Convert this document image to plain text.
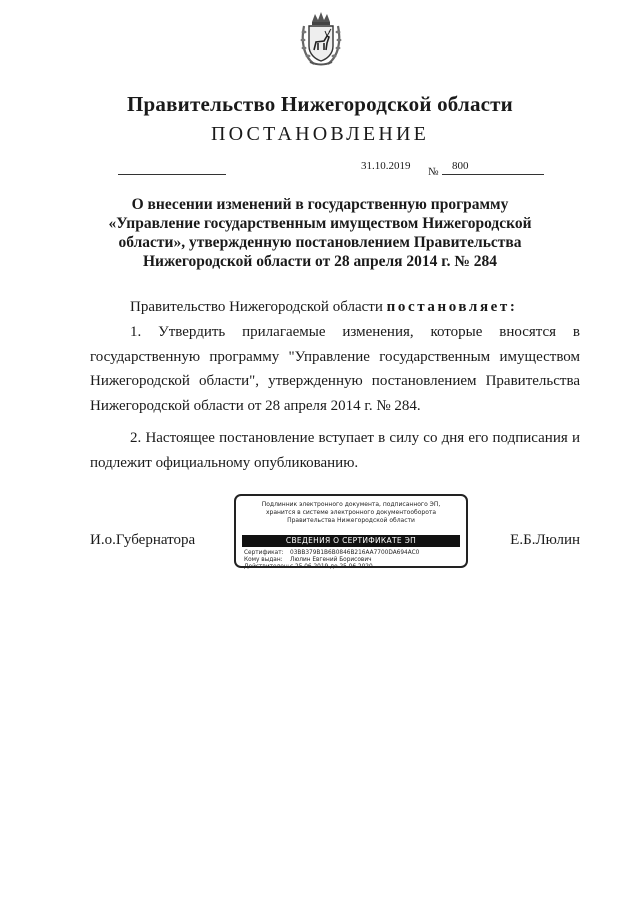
Правительство Нижегородской области
ПОСТАНОВЛЕНИЕ
31.10.2019 № 800
О внесении изменений в государственную программу «Управление государственным имуществом Нижегородской области», утвержденную постановлением Правительства Нижегородской области от 28 апреля 2014 г. № 284
Правительство Нижегородской области постановляет:
1. Утвердить прилагаемые изменения, которые вносятся в государственную программу "Управление государственным имуществом Нижегородской области", утвержденную постановлением Правительства Нижегородской области от 28 апреля 2014 г. № 284.
2. Настоящее постановление вступает в силу со дня его подписания и подлежит официальному опубликованию.
И.о.Губернатора	Е.Б.Люлин
Подлинник электронного документа, подписанного ЭП,
хранится в системе электронного документооборота
Правительства Нижегородской области
СВЕДЕНИЯ О СЕРТИФИКАТЕ ЭП
Сертификат: 03BB379B1B6B0846B216AA7700DA694AC0
Кому выдан: Люлин Евгений Борисович
Действителен:с 25.06.2019 до 25.06.2020
